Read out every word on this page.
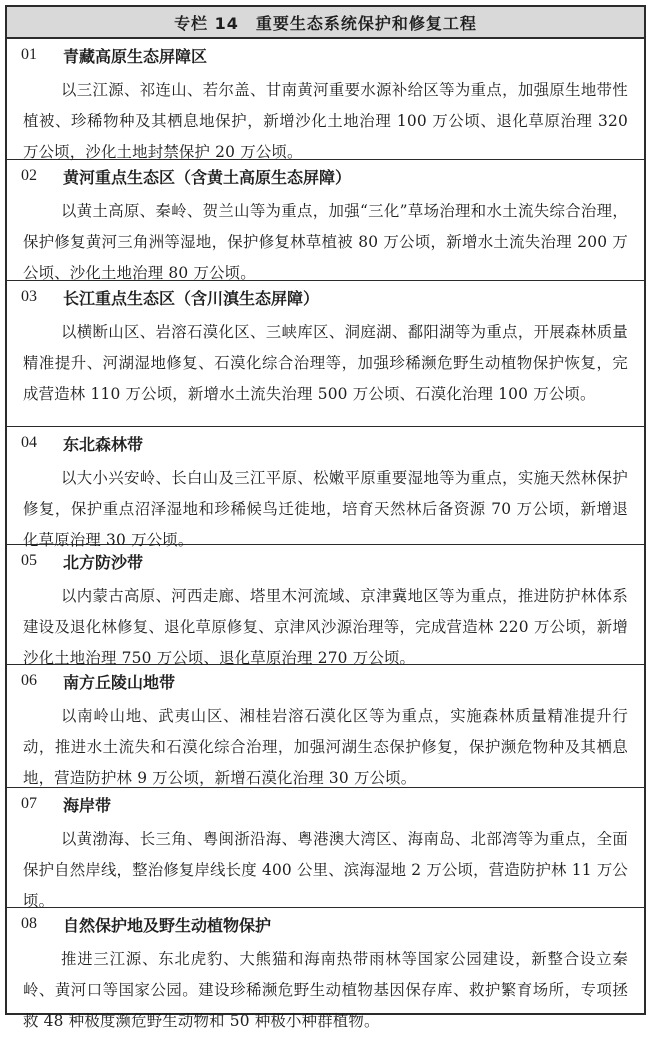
专栏 14　重要生态系统保护和修复工程
01 青藏高原生态屏障区
以三江源、祁连山、若尔盖、甘南黄河重要水源补给区等为重点，加强原生地带性植被、珍稀物种及其栖息地保护，新增沙化土地治理 100 万公顷、退化草原治理 320 万公顷，沙化土地封禁保护 20 万公顷。
02 黄河重点生态区（含黄土高原生态屏障）
以黄土高原、秦岭、贺兰山等为重点，加强“三化”草场治理和水土流失综合治理，保护修复黄河三角洲等湿地，保护修复林草植被 80 万公顷，新增水土流失治理 200 万公顷、沙化土地治理 80 万公顷。
03 长江重点生态区（含川滇生态屏障）
以横断山区、岩溶石漠化区、三峡库区、洞庭湖、鄱阳湖等为重点，开展森林质量精准提升、河湖湿地修复、石漠化综合治理等，加强珍稀濒危野生动植物保护恢复，完成营造林 110 万公顷，新增水土流失治理 500 万公顷、石漠化治理 100 万公顷。
04 东北森林带
以大小兴安岭、长白山及三江平原、松嫩平原重要湿地等为重点，实施天然林保护修复，保护重点沼泽湿地和珍稀候鸟迁徙地，培育天然林后备资源 70 万公顷，新增退化草原治理 30 万公顷。
05 北方防沙带
以内蒙古高原、河西走廊、塔里木河流域、京津冀地区等为重点，推进防护林体系建设及退化林修复、退化草原修复、京津风沙源治理等，完成营造林 220 万公顷，新增沙化土地治理 750 万公顷、退化草原治理 270 万公顷。
06 南方丘陵山地带
以南岭山地、武夷山区、湘桂岩溶石漠化区等为重点，实施森林质量精准提升行动，推进水土流失和石漠化综合治理，加强河湖生态保护修复，保护濒危物种及其栖息地，营造防护林 9 万公顷，新增石漠化治理 30 万公顷。
07 海岸带
以黄渤海、长三角、粤闽浙沿海、粤港澳大湾区、海南岛、北部湾等为重点，全面保护自然岸线，整治修复岸线长度 400 公里、滨海湿地 2 万公顷，营造防护林 11 万公顷。
08 自然保护地及野生动植物保护
推进三江源、东北虎豹、大熊猫和海南热带雨林等国家公园建设，新整合设立秦岭、黄河口等国家公园。建设珍稀濒危野生动植物基因保存库、救护繁育场所，专项拯救 48 种极度濒危野生动物和 50 种极小种群植物。
